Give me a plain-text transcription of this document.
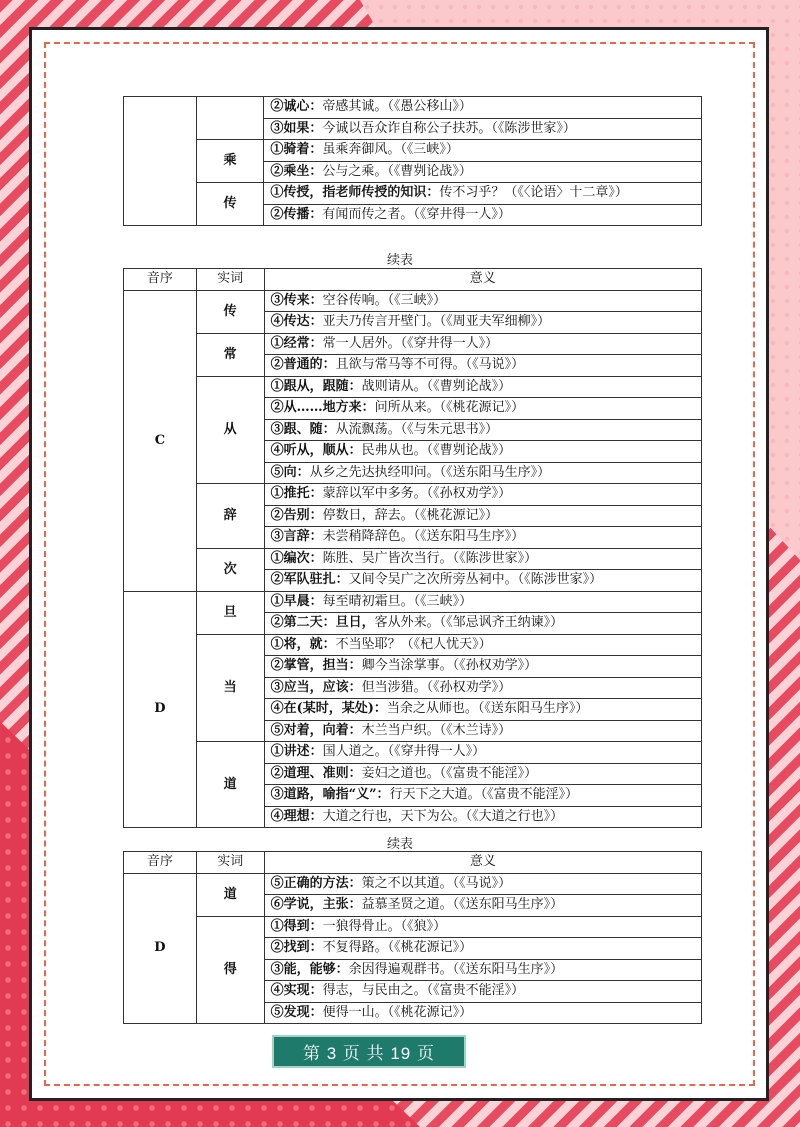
		②诚心：帝感其诚。（《愚公移山》）
		③如果：今诚以吾众诈自称公子扶苏。（《陈涉世家》）
	乘	①骑着：虽乘奔御风。（《三峡》）
		②乘坐：公与之乘。（《曹刿论战》）
	传	①传授，指老师传授的知识：传不习乎？（《〈论语〉十二章》）
		②传播：有闻而传之者。（《穿井得一人》）
续表
音序	实词	意义
C	传	③传来：空谷传响。（《三峡》）
		④传达：亚夫乃传言开壁门。（《周亚夫军细柳》）
	常	①经常：常一人居外。（《穿井得一人》）
		②普通的：且欲与常马等不可得。（《马说》）
	从	①跟从，跟随：战则请从。（《曹刿论战》）
		②从……地方来：问所从来。（《桃花源记》）
		③跟、随：从流飘荡。（《与朱元思书》）
		④听从，顺从：民弗从也。（《曹刿论战》）
		⑤向：从乡之先达执经叩问。（《送东阳马生序》）
	辞	①推托：蒙辞以军中多务。（《孙权劝学》）
		②告别：停数日，辞去。（《桃花源记》）
		③言辞：未尝稍降辞色。（《送东阳马生序》）
	次	①编次：陈胜、吴广皆次当行。（《陈涉世家》）
		②军队驻扎：又间令吴广之次所旁丛祠中。（《陈涉世家》）
D	旦	①早晨：每至晴初霜旦。（《三峡》）
		②第二天：旦日，客从外来。（《邹忌讽齐王纳谏》）
	当	①将，就：不当坠耶？（《杞人忧天》）
		②掌管，担当：卿今当涂掌事。（《孙权劝学》）
		③应当，应该：但当涉猎。（《孙权劝学》）
		④在(某时，某处)：当余之从师也。（《送东阳马生序》）
		⑤对着，向着：木兰当户织。（《木兰诗》）
	道	①讲述：国人道之。（《穿井得一人》）
		②道理、准则：妾妇之道也。（《富贵不能淫》）
		③道路，喻指“义”：行天下之大道。（《富贵不能淫》）
		④理想：大道之行也，天下为公。（《大道之行也》）
续表
音序	实词	意义
D	道	⑤正确的方法：策之不以其道。（《马说》）
		⑥学说，主张：益慕圣贤之道。（《送东阳马生序》）
	得	①得到：一狼得骨止。（《狼》）
		②找到：不复得路。（《桃花源记》）
		③能，能够：余因得遍观群书。（《送东阳马生序》）
		④实现：得志，与民由之。（《富贵不能淫》）
		⑤发现：便得一山。（《桃花源记》）
第 3 页 共 19 页
